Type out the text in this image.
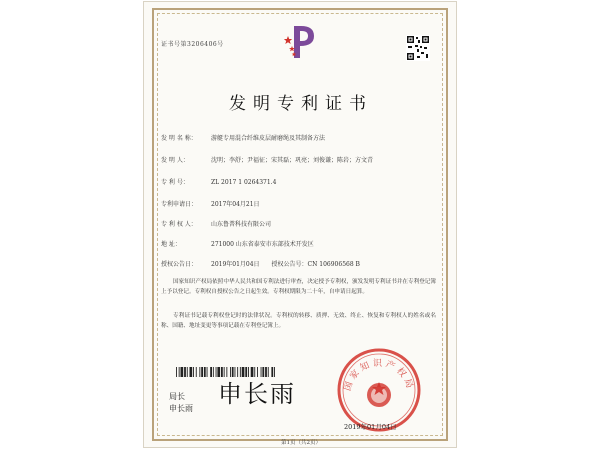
证书号第3206406号
发明专利证书
发 明 名 称： 游艇专用混合纤维皮层耐磨绳及其制备方法
发 明 人：	沈明；李舒；尹福征；宋其磊；巩亮；刘俊谦；陈岩；方文青
专 利 号：	ZL 2017 1 0264371.4
专利申请日： 2017年04月21日
专 利 权 人： 山东鲁普科技有限公司
地 址：	271000 山东省泰安市东部技术开发区
授权公告日： 2019年01月04日　　授权公告号：CN 106906568 B
国家知识产权局依照中华人民共和国专利法进行审查，决定授予专利权，颁发发明专利证书并在专利登记簿上予以登记。专利权自授权公告之日起生效。专利权期限为二十年，自申请日起算。
专利证书记载专利权登记时的法律状况。专利权的转移、质押、无效、终止、恢复和专利权人的姓名或名称、国籍、地址变更等事项记载在专利登记簿上。
局长
申长雨
申长雨	国家知识产权局
2019年01月04日
第1页（共2页）
